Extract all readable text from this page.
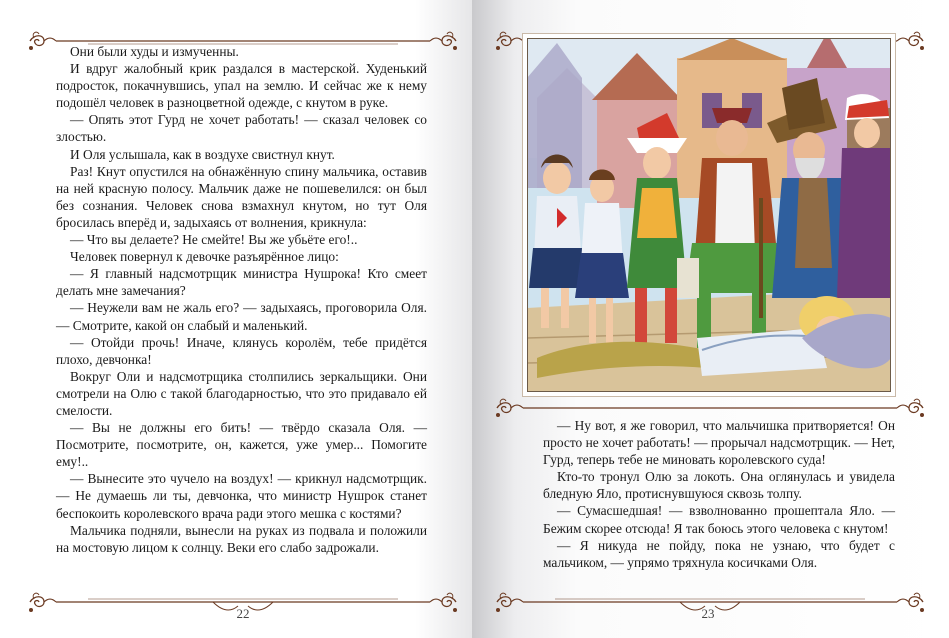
Они были худы и измученны.

И вдруг жалобный крик раздался в мастерской. Худенький подросток, покачнувшись, упал на землю. И сейчас же к нему подошёл человек в разноцветной одежде, с кнутом в руке.

— Опять этот Гурд не хочет работать! — сказал человек со злостью.

И Оля услышала, как в воздухе свистнул кнут.

Раз! Кнут опустился на обнажённую спину мальчика, оставив на ней красную полосу. Мальчик даже не пошевелился: он был без сознания. Человек снова взмахнул кнутом, но тут Оля бросилась вперёд и, задыхаясь от волнения, крикнула:

— Что вы делаете? Не смейте! Вы же убьёте его!..

Человек повернул к девочке разъярённое лицо:

— Я главный надсмотрщик министра Нушрока! Кто смеет делать мне замечания?

— Неужели вам не жаль его? — задыхаясь, проговорила Оля. — Смотрите, какой он слабый и маленький.

— Отойди прочь! Иначе, клянусь королём, тебе придётся плохо, девчонка!

Вокруг Оли и надсмотрщика столпились зеркальщики. Они смотрели на Олю с такой благодарностью, что это придавало ей смелости.

— Вы не должны его бить! — твёрдо сказала Оля. — Посмотрите, посмотрите, он, кажется, уже умер... Помогите ему!..

— Вынесите это чучело на воздух! — крикнул надсмотрщик. — Не думаешь ли ты, девчонка, что министр Нушрок станет беспокоить королевского врача ради этого мешка с костями?

Мальчика подняли, вынесли на руках из подвала и положили на мостовую лицом к солнцу. Веки его слабо задрожали.

22

— Ну вот, я же говорил, что мальчишка притворяется! Он просто не хочет работать! — прорычал надсмотрщик. — Нет, Гурд, теперь тебе не миновать королевского суда!

Кто-то тронул Олю за локоть. Она оглянулась и увидела бледную Яло, протиснувшуюся сквозь толпу.

— Сумасшедшая! — взволнованно прошептала Яло. — Бежим скорее отсюда! Я так боюсь этого человека с кнутом!

— Я никуда не пойду, пока не узнаю, что будет с мальчиком, — упрямо тряхнула косичками Оля.

23
